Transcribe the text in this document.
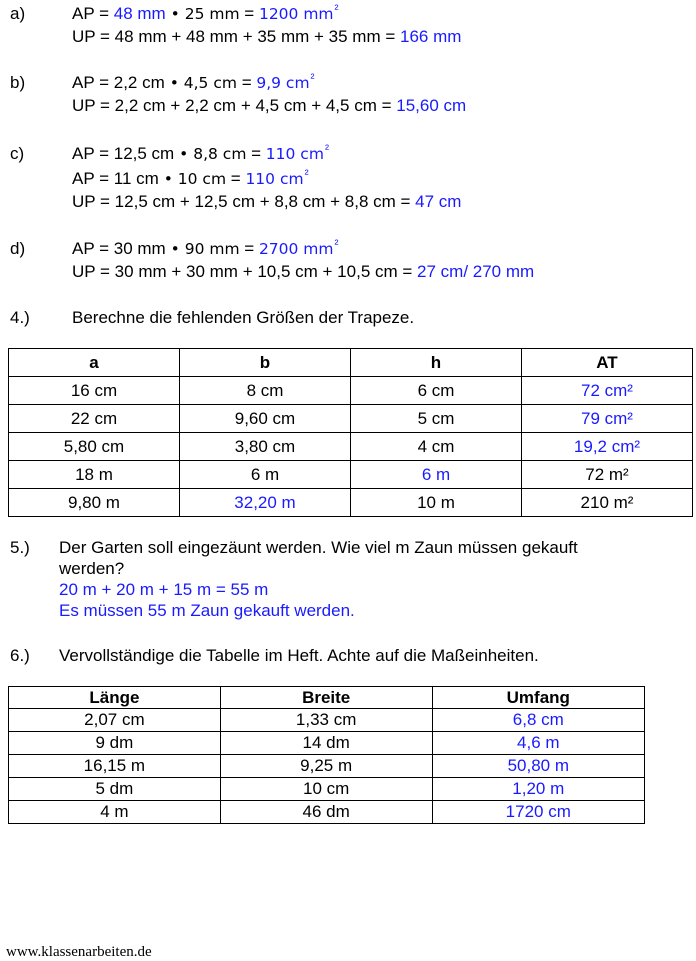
a)	AP = 48 mm • 25 mm = 1200 $mm^{^2}$
UP = 48 mm + 48 mm + 35 mm + 35 mm = 166 mm
b)	AP = 2,2 cm • 4,5 cm = 9,9 $cm^{^2}$
UP = 2,2 cm + 2,2 cm + 4,5 cm + 4,5 cm = 15,60 cm
c)	AP = 12,5 cm • 8,8 cm = 110 $cm^{^2}$
AP = 11 cm • 10 cm = 110 $cm^{^2}$
UP = 12,5 cm + 12,5 cm + 8,8 cm + 8,8 cm = 47 cm
d)	AP = 30 mm • 90 mm = 2700 $mm^{^2}$
UP = 30 mm + 30 mm + 10,5 cm + 10,5 cm = 27 cm/ 270 mm
4.) Berechne die fehlenden Größen der Trapeze.
a	b	h	AT
16 cm	8 cm	6 cm	72 cm²
22 cm	9,60 cm	5 cm	79 cm²
5,80 cm	3,80 cm	4 cm	19,2 cm²
18 m	6 m	6 m	72 m²
9,80 m	32,20 m	10 m	210 m²
5.) Der Garten soll eingezäunt werden. Wie viel m Zaun müssen gekauft
werden?
20 m + 20 m + 15 m = 55 m
Es müssen 55 m Zaun gekauft werden.
6.) Vervollständige die Tabelle im Heft. Achte auf die Maßeinheiten.
Länge	Breite	Umfang
2,07 cm	1,33 cm	6,8 cm
9 dm	14 dm	4,6 m
16,15 m	9,25 m	50,80 m
5 dm	10 cm	1,20 m
4 m	46 dm	1720 cm
www.klassenarbeiten.de
